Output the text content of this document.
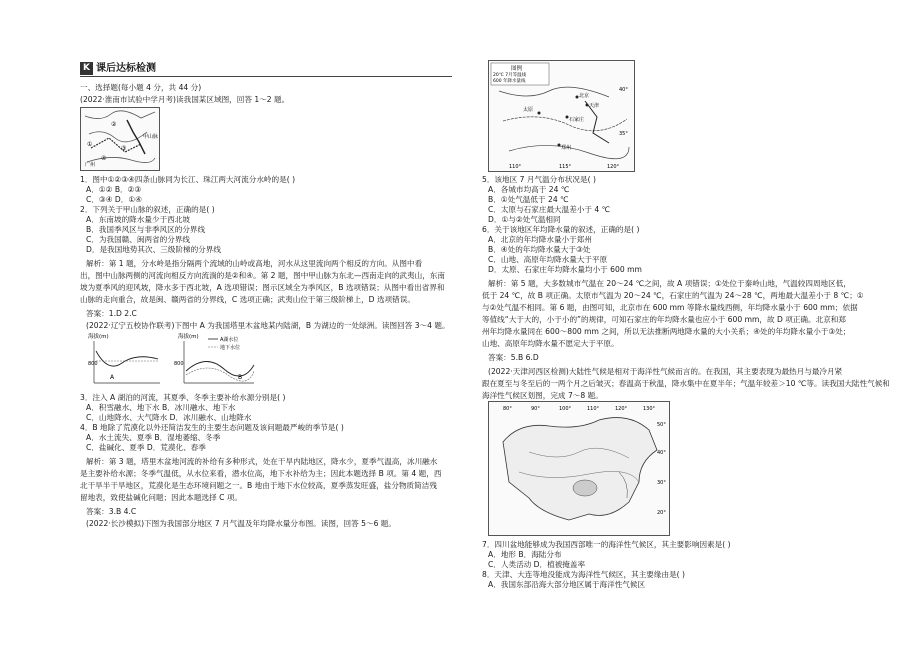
K 课后达标检测
一、选择题(每小题 4 分，共 44 分)
(2022·淮南市试验中学月考)读我国某区域图，回答 1～2 题。
1．图中①②③④四条山脉同为长江、珠江两大河流分水岭的是( )
A．①② B．②③
C．③④ D．①④
2．下列关于甲山脉的叙述，正确的是( )
A．东南坡的降水量少于西北坡
B．我国季风区与非季风区的分界线
C．为我国赣、闽两省的分界线
D．是我国地势其次、三级阶梯的分界线
解析：第 1 题，分水岭是指分隔两个流域的山岭或高地，河水从这里流向两个相反的方向。从图中看
出，图中山脉两侧的河流向相反方向流淌的是②和④。第 2 题，图中甲山脉为东北—西南走向的武夷山，东南
坡为夏季风的迎风坡，降水多于西北坡，A 选项错误；图示区域全为季风区，B 选项错误；从图中看出省界和
山脉的走向重合，故是闽、赣两省的分界线，C 选项正确；武夷山位于第三级阶梯上，D 选项错误。
答案：1.D 2.C
(2022·辽宁五校协作联考)下图中 A 为我国塔里木盆地某内陆湖，B 为湖边的一处绿洲。读图回答 3～4 题。
3．注入 A 湖泊的河流，其夏季、冬季主要补给水源分别是( )
A．积雪融水、地下水 B．冰川融水、地下水
C．山地降水、大气降水 D．冰川融水、山地降水
4．B 地除了荒漠化以外还简洁发生的主要生态问题及该问题最严峻的季节是( )
A．水土流失、夏季 B．湿地萎缩、冬季
C．盐碱化、夏季 D．荒漠化、春季
解析：第 3 题，塔里木盆地河流的补给有多种形式，处在干旱内陆地区，降水少，夏季气温高，冰川融水
是主要补给水源；冬季气温低，从水位来看，潜水位高，地下水补给为主；因此本题选择 B 项。第 4 题，西
北干旱半干旱地区，荒漠化是生态环境问题之一。B 地由于地下水位较高，夏季蒸发旺盛，盐分物质简洁残
留地表，致使盐碱化问题；因此本题选择 C 项。
答案：3.B 4.C
(2022·长沙模拟)下图为我国部分地区 7 月气温及年均降水量分布图。读图，回答 5～6 题。
5．该地区 7 月气温分布状况是( )
A．各城市均高于 24 ℃
B．①处气温低于 24 ℃
C．太原与石家庄最大温差小于 4 ℃
D．①与②处气温相同
6．关于该地区年均降水量的叙述，正确的是( )
A．北京的年均降水量小于郑州
B．④处的年均降水量大于③处
C．山地、高原年均降水量大于平原
D．太原、石家庄年均降水量均小于 600 mm
解析：第 5 题，大多数城市气温在 20～24 ℃之间，故 A 项错误；①处位于秦岭山地，气温较四周地区低，
低于 24 ℃，故 B 项正确。太原市气温为 20～24 ℃，石家庄的气温为 24～28 ℃，两地最大温差小于 8 ℃；①
与②处气温不相同。第 6 题，由图可知，北京市在 600 mm 等降水量线西侧，年均降水量小于 600 mm；依据
等值线“大于大的，小于小的”的规律，可知石家庄的年均降水量也应小于 600 mm，故 D 项正确。北京和郑
州年均降水量同在 600～800 mm 之间，所以无法推断两地降水量的大小关系；④处的年均降水量小于③处；
山地、高原年均降水量不愿定大于平原。
答案：5.B 6.D
(2022·天津河西区检测)大陆性气候是相对于海洋性气候而言的。在我国，其主要表现为最热月与最冷月紧
跟在夏至与冬至后的一两个月之后皱灭；春温高于秋温，降水集中在夏半年；气温年较差＞10 ℃等。读我国大陆性气候和
海洋性气候区划图，完成 7～8 题。
7．四川盆地能够成为我国西部唯一的海洋性气候区，其主要影响因素是( )
A．地形 B．海陆分布
C．人类活动 D．植被掩盖率
8．天津、大连等地没能成为海洋性气候区，其主要缘由是( )
A．我国东部沿海大部分地区属于海洋性气候区
①
②
③
④
广州
甲山脉
海拔(m)
800
A
海拔(m)
800
B
A湖水位
地下水位
图例
20℃ 7月等温线
600 年降水量线
太原
石家庄
北京
天津
郑州
110°	115°	120°
40°
35°
80°	90°	100°	110°	120°	130°
50°
40°
30°
20°
